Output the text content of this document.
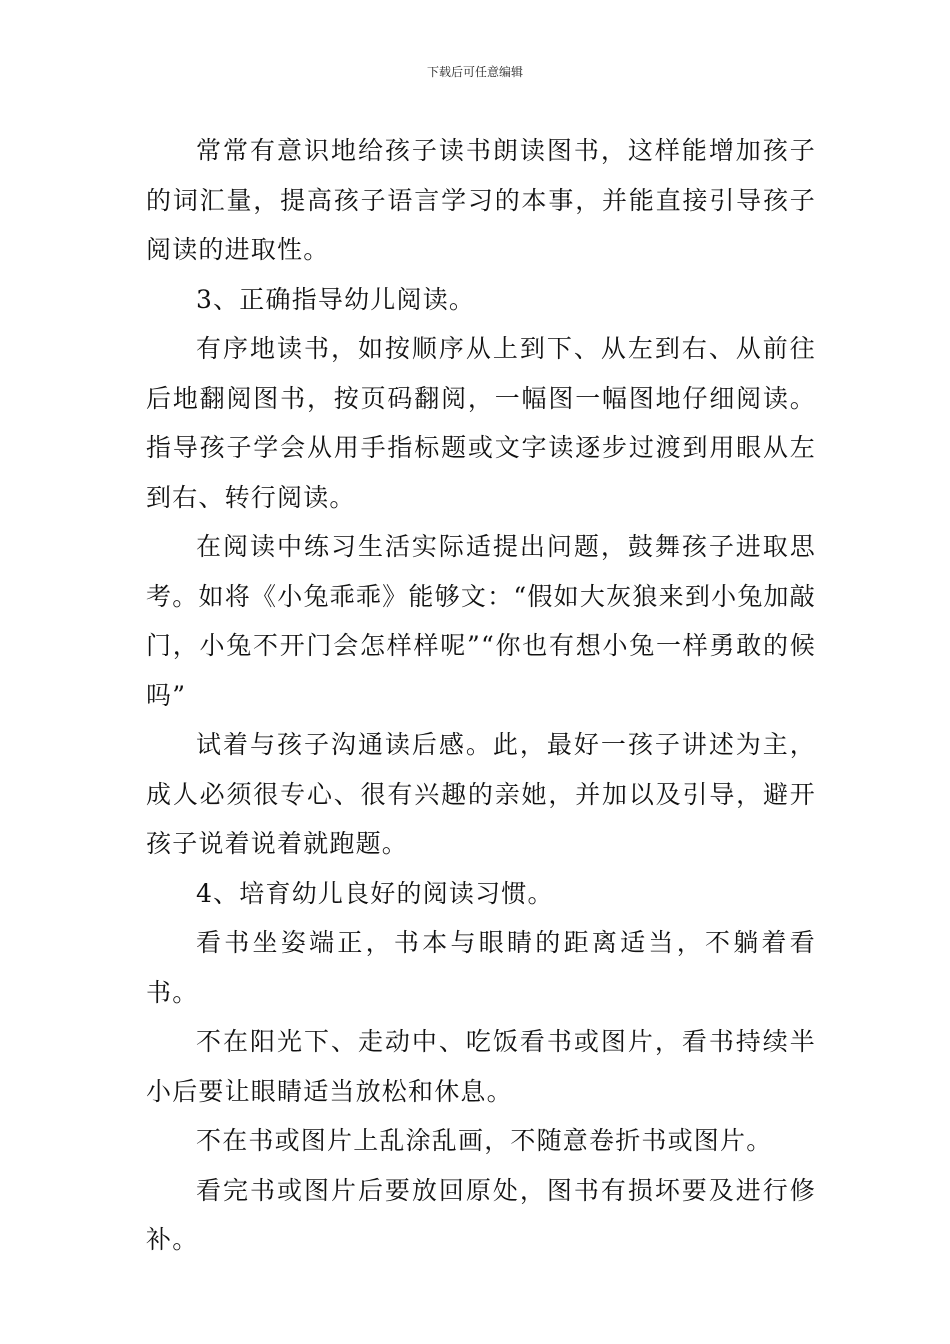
下载后可任意编辑

常常有意识地给孩子读书朗读图书，这样能增加孩子的词汇量，提高孩子语言学习的本事，并能直接引导孩子阅读的进取性。

3、正确指导幼儿阅读。

有序地读书，如按顺序从上到下、从左到右、从前往后地翻阅图书，按页码翻阅，一幅图一幅图地仔细阅读。指导孩子学会从用手指标题或文字读逐步过渡到用眼从左到右、转行阅读。

在阅读中练习生活实际适提出问题，鼓舞孩子进取思考。如将《小兔乖乖》能够文：“假如大灰狼来到小兔加敲门，小兔不开门会怎样样呢”“你也有想小兔一样勇敢的候吗”

试着与孩子沟通读后感。此，最好一孩子讲述为主，成人必须很专心、很有兴趣的亲她，并加以及引导，避开孩子说着说着就跑题。

4、培育幼儿良好的阅读习惯。

看书坐姿端正，书本与眼睛的距离适当，不躺着看书。

不在阳光下、走动中、吃饭看书或图片，看书持续半小后要让眼睛适当放松和休息。

不在书或图片上乱涂乱画，不随意卷折书或图片。

看完书或图片后要放回原处，图书有损坏要及进行修补。
